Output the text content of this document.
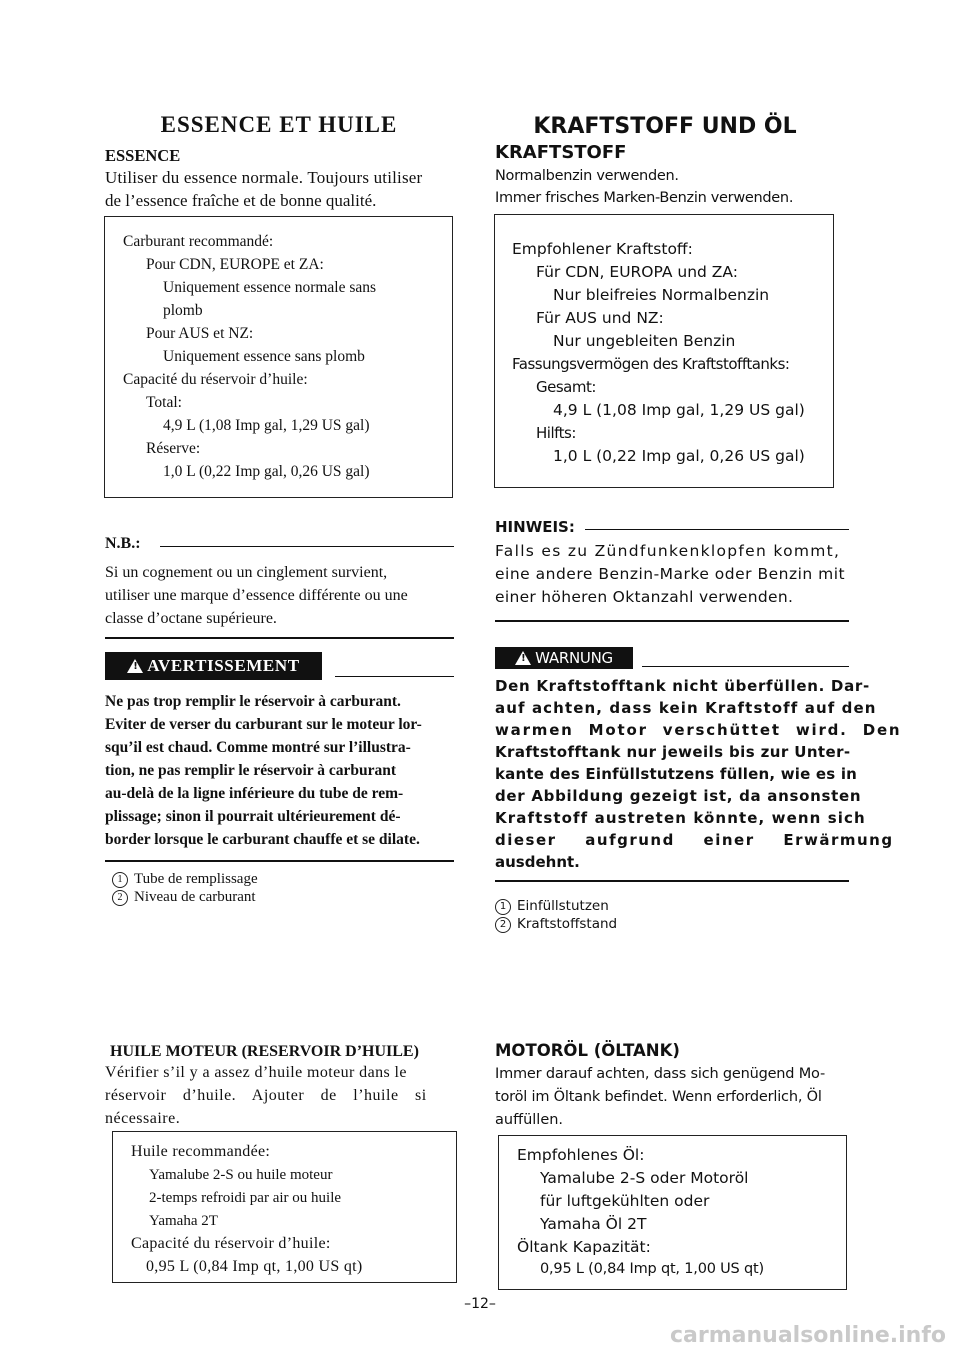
ESSENCE ET HUILE
ESSENCE
Utiliser du essence normale. Toujours utiliser
de l’essence fraîche et de bonne qualité.
Carburant recommandé:
Pour CDN, EUROPE et ZA:
Uniquement essence normale sans
plomb
Pour AUS et NZ:
Uniquement essence sans plomb
Capacité du réservoir d’huile:
Total:
4,9 L (1,08 Imp gal, 1,29 US gal)
Réserve:
1,0 L (0,22 Imp gal, 0,26 US gal)
N.B.:
Si un cognement ou un cinglement survient,
utiliser une marque d’essence différente ou une
classe d’octane supérieure.
!
AVERTISSEMENT
Ne pas trop remplir le réservoir à carburant.
Eviter de verser du carburant sur le moteur lor-
squ’il est chaud. Comme montré sur l’illustra-
tion, ne pas remplir le réservoir à carburant
au-delà de la ligne inférieure du tube de rem-
plissage; sinon il pourrait ultérieurement dé-
border lorsque le carburant chauffe et se dilate.
1 Tube de remplissage
2 Niveau de carburant
HUILE MOTEUR (RESERVOIR D’HUILE)
Vérifier s’il y a assez d’huile moteur dans le
réservoir d’huile. Ajouter de l’huile si
nécessaire.
Huile recommandée:
Yamalube 2-S ou huile moteur
2-temps refroidi par air ou huile
Yamaha 2T
Capacité du réservoir d’huile:
0,95 L (0,84 Imp qt, 1,00 US qt)
KRAFTSTOFF UND ÖL
KRAFTSTOFF
Normalbenzin verwenden.
Immer frisches Marken-Benzin verwenden.
Empfohlener Kraftstoff:
Für CDN, EUROPA und ZA:
Nur bleifreies Normalbenzin
Für AUS und NZ:
Nur ungebleiten Benzin
Fassungsvermögen des Kraftstofftanks:
Gesamt:
4,9 L (1,08 Imp gal, 1,29 US gal)
Hilfts:
1,0 L (0,22 Imp gal, 0,26 US gal)
HINWEIS:
Falls es zu Zündfunkenklopfen kommt,
eine andere Benzin-Marke oder Benzin mit
einer höheren Oktanzahl verwenden.
!
WARNUNG
Den Kraftstofftank nicht überfüllen. Dar-
auf achten, dass kein Kraftstoff auf den
warmen Motor verschüttet wird. Den
Kraftstofftank nur jeweils bis zur Unter-
kante des Einfüllstutzens füllen, wie es in
der Abbildung gezeigt ist, da ansonsten
Kraftstoff austreten könnte, wenn sich
dieser aufgrund einer Erwärmung
ausdehnt.
1 Einfüllstutzen
2 Kraftstoffstand
MOTORÖL (ÖLTANK)
Immer darauf achten, dass sich genügend Mo-
toröl im Öltank befindet. Wenn erforderlich, Öl
auffüllen.
Empfohlenes Öl:
Yamalube 2-S oder Motoröl
für luftgekühlten oder
Yamaha Öl 2T
Öltank Kapazität:
0,95 L (0,84 Imp qt, 1,00 US qt)
–12–
carmanualsonline.info
